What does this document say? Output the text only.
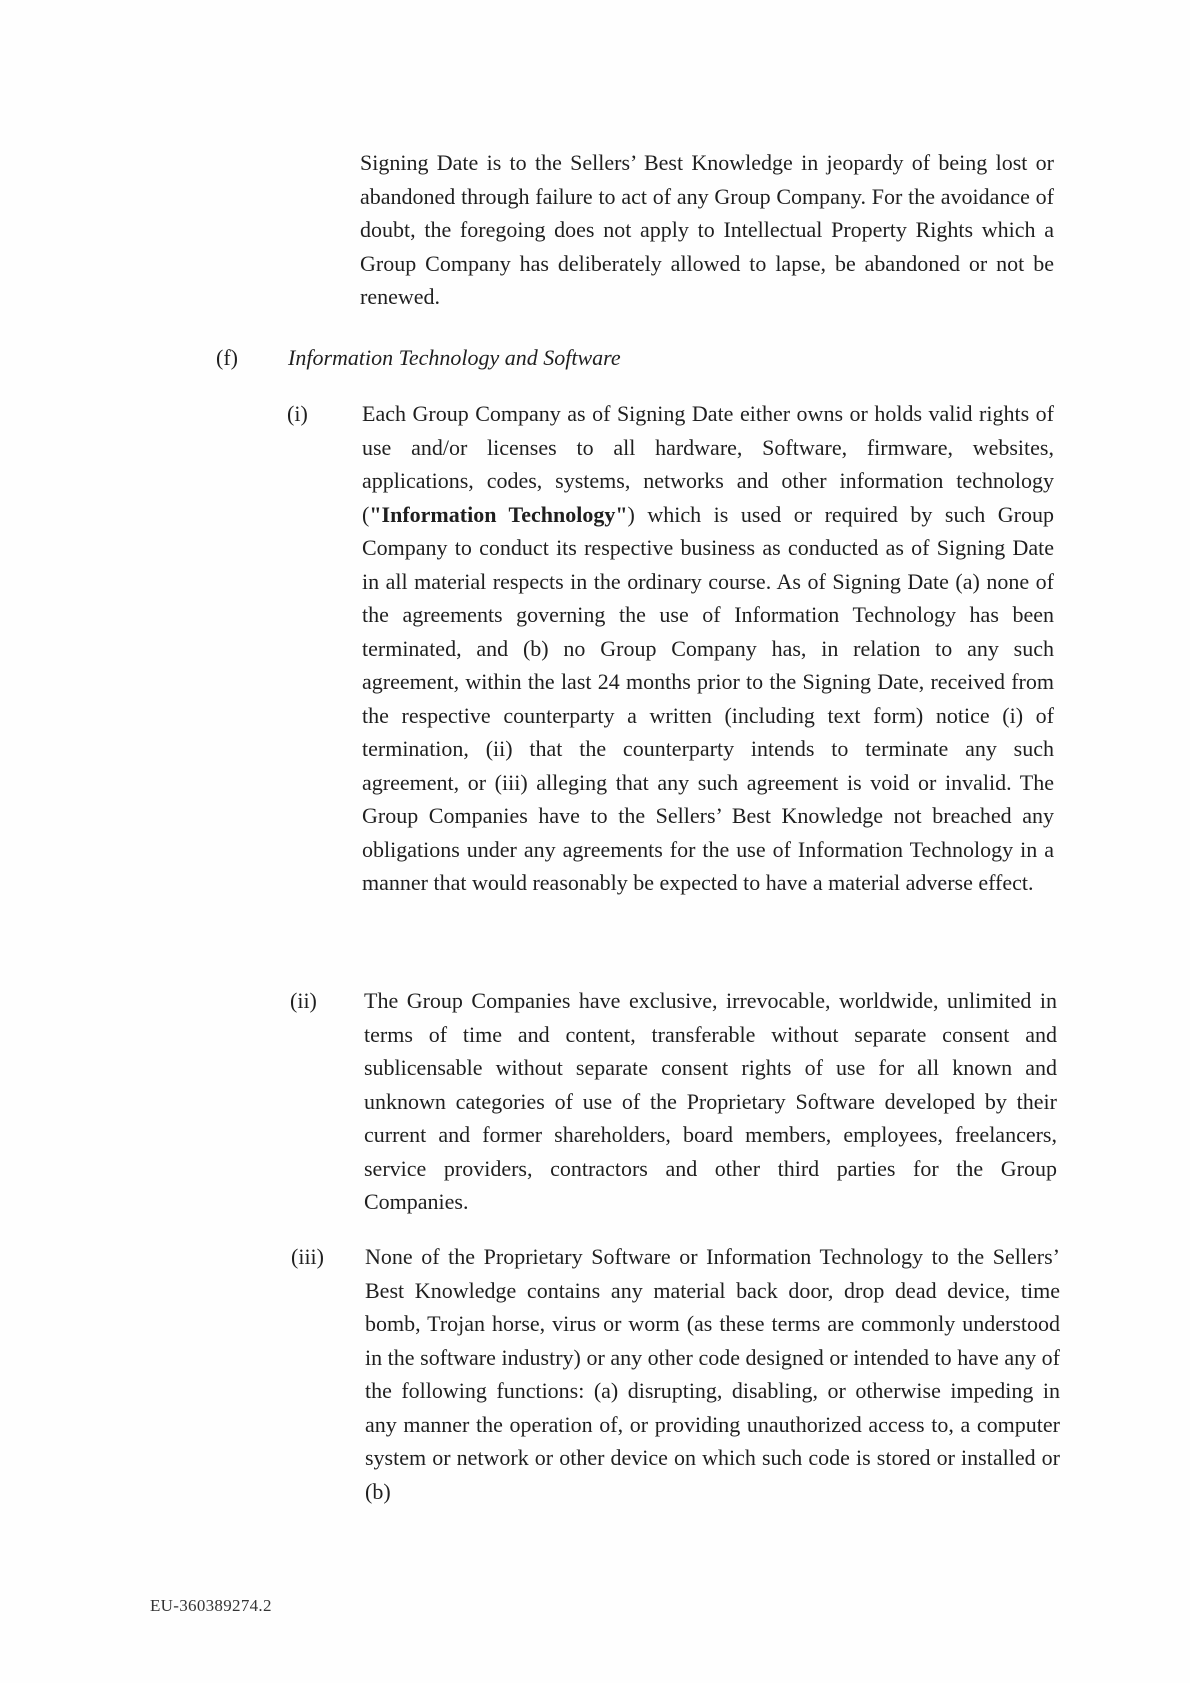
Signing Date is to the Sellers’ Best Knowledge in jeopardy of being lost or abandoned through failure to act of any Group Company. For the avoidance of doubt, the foregoing does not apply to Intellectual Property Rights which a Group Company has deliberately allowed to lapse, be abandoned or not be renewed.

(f) Information Technology and Software

(i) Each Group Company as of Signing Date either owns or holds valid rights of use and/or licenses to all hardware, Software, firmware, websites, applications, codes, systems, networks and other information technology ("Information Technology") which is used or required by such Group Company to conduct its respective business as conducted as of Signing Date in all material respects in the ordinary course. As of Signing Date (a) none of the agreements governing the use of Information Technology has been terminated, and (b) no Group Company has, in relation to any such agreement, within the last 24 months prior to the Signing Date, received from the respective counterparty a written (including text form) notice (i) of termination, (ii) that the counterparty intends to terminate any such agreement, or (iii) alleging that any such agreement is void or invalid. The Group Companies have to the Sellers’ Best Knowledge not breached any obligations under any agreements for the use of Information Technology in a manner that would reasonably be expected to have a material adverse effect.

(ii) The Group Companies have exclusive, irrevocable, worldwide, unlimited in terms of time and content, transferable without separate consent and sublicensable without separate consent rights of use for all known and unknown categories of use of the Proprietary Software developed by their current and former shareholders, board members, employees, freelancers, service providers, contractors and other third parties for the Group Companies.

(iii) None of the Proprietary Software or Information Technology to the Sellers’ Best Knowledge contains any material back door, drop dead device, time bomb, Trojan horse, virus or worm (as these terms are commonly understood in the software industry) or any other code designed or intended to have any of the following functions: (a) disrupting, disabling, or otherwise impeding in any manner the operation of, or providing unauthorized access to, a computer system or network or other device on which such code is stored or installed or (b)

EU-360389274.2
